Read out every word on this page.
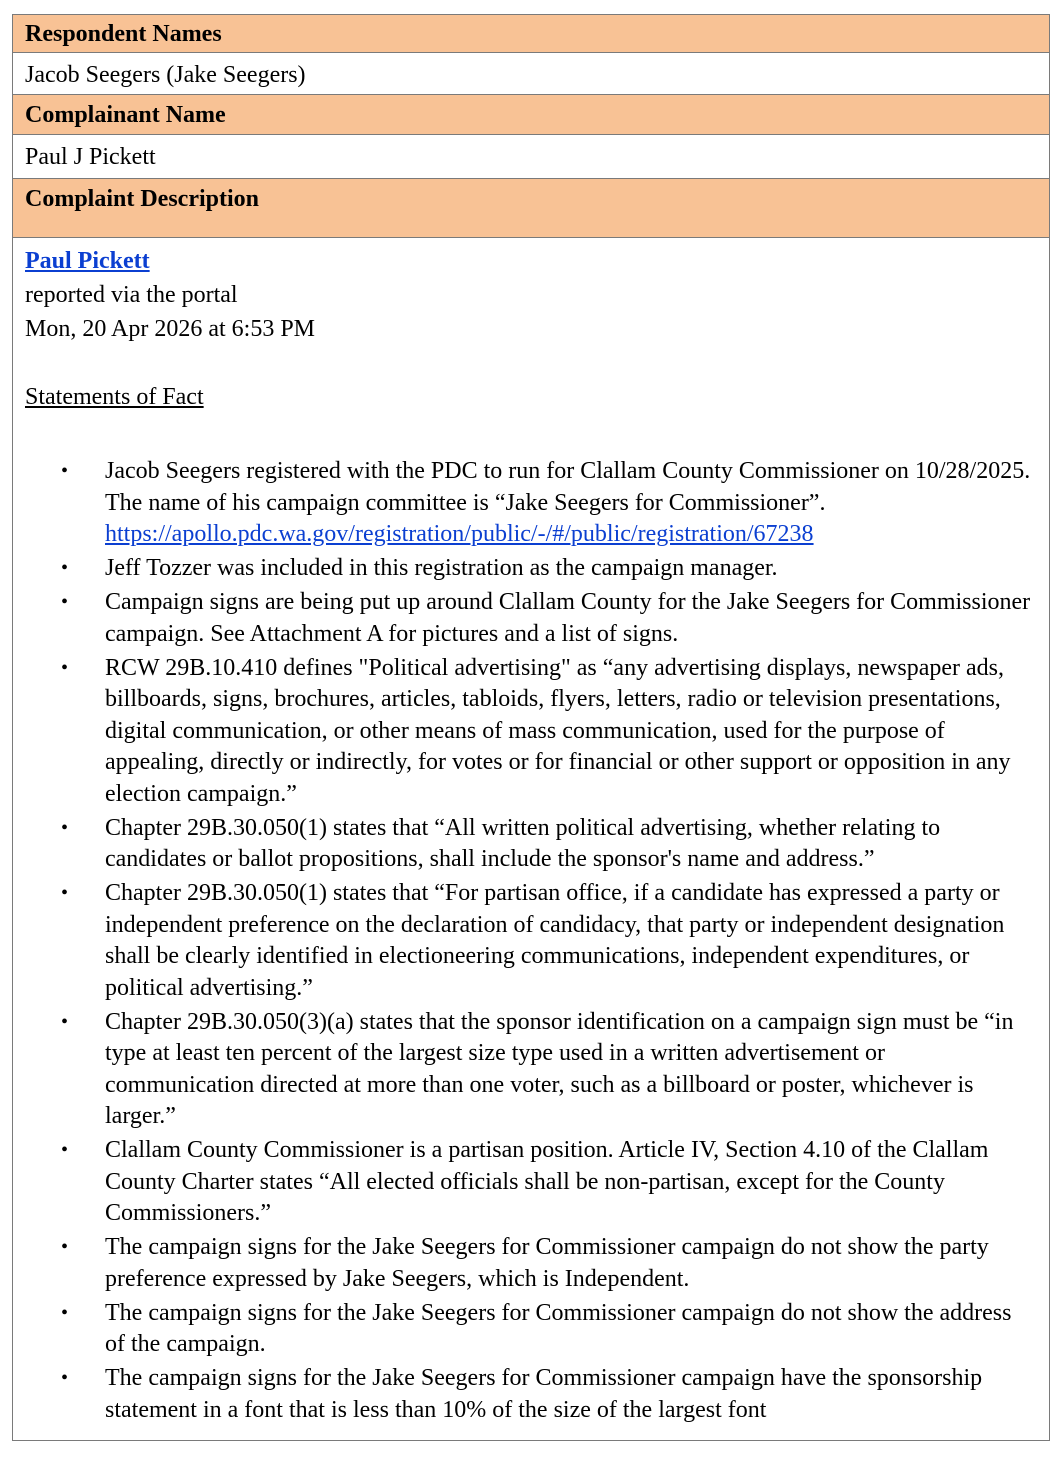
Respondent Names
Jacob Seegers (Jake Seegers)
Complainant Name
Paul J Pickett
Complaint Description
Paul Pickett
reported via the portal
Mon, 20 Apr 2026 at 6:53 PM
Statements of Fact
• Jacob Seegers registered with the PDC to run for Clallam County Commissioner on 10/28/2025. The name of his campaign committee is “Jake Seegers for Commissioner”. https://apollo.pdc.wa.gov/registration/public/-/#/public/registration/67238
• Jeff Tozzer was included in this registration as the campaign manager.
• Campaign signs are being put up around Clallam County for the Jake Seegers for Commissioner campaign. See Attachment A for pictures and a list of signs.
• RCW 29B.10.410 defines "Political advertising" as “any advertising displays, newspaper ads, billboards, signs, brochures, articles, tabloids, flyers, letters, radio or television presentations, digital communication, or other means of mass communication, used for the purpose of appealing, directly or indirectly, for votes or for financial or other support or opposition in any election campaign.”
• Chapter 29B.30.050(1) states that “All written political advertising, whether relating to candidates or ballot propositions, shall include the sponsor's name and address.”
• Chapter 29B.30.050(1) states that “For partisan office, if a candidate has expressed a party or independent preference on the declaration of candidacy, that party or independent designation shall be clearly identified in electioneering communications, independent expenditures, or political advertising.”
• Chapter 29B.30.050(3)(a) states that the sponsor identification on a campaign sign must be “in type at least ten percent of the largest size type used in a written advertisement or communication directed at more than one voter, such as a billboard or poster, whichever is larger.”
• Clallam County Commissioner is a partisan position. Article IV, Section 4.10 of the Clallam County Charter states “All elected officials shall be non-partisan, except for the County Commissioners.”
• The campaign signs for the Jake Seegers for Commissioner campaign do not show the party preference expressed by Jake Seegers, which is Independent.
• The campaign signs for the Jake Seegers for Commissioner campaign do not show the address of the campaign.
• The campaign signs for the Jake Seegers for Commissioner campaign have the sponsorship statement in a font that is less than 10% of the size of the largest font
